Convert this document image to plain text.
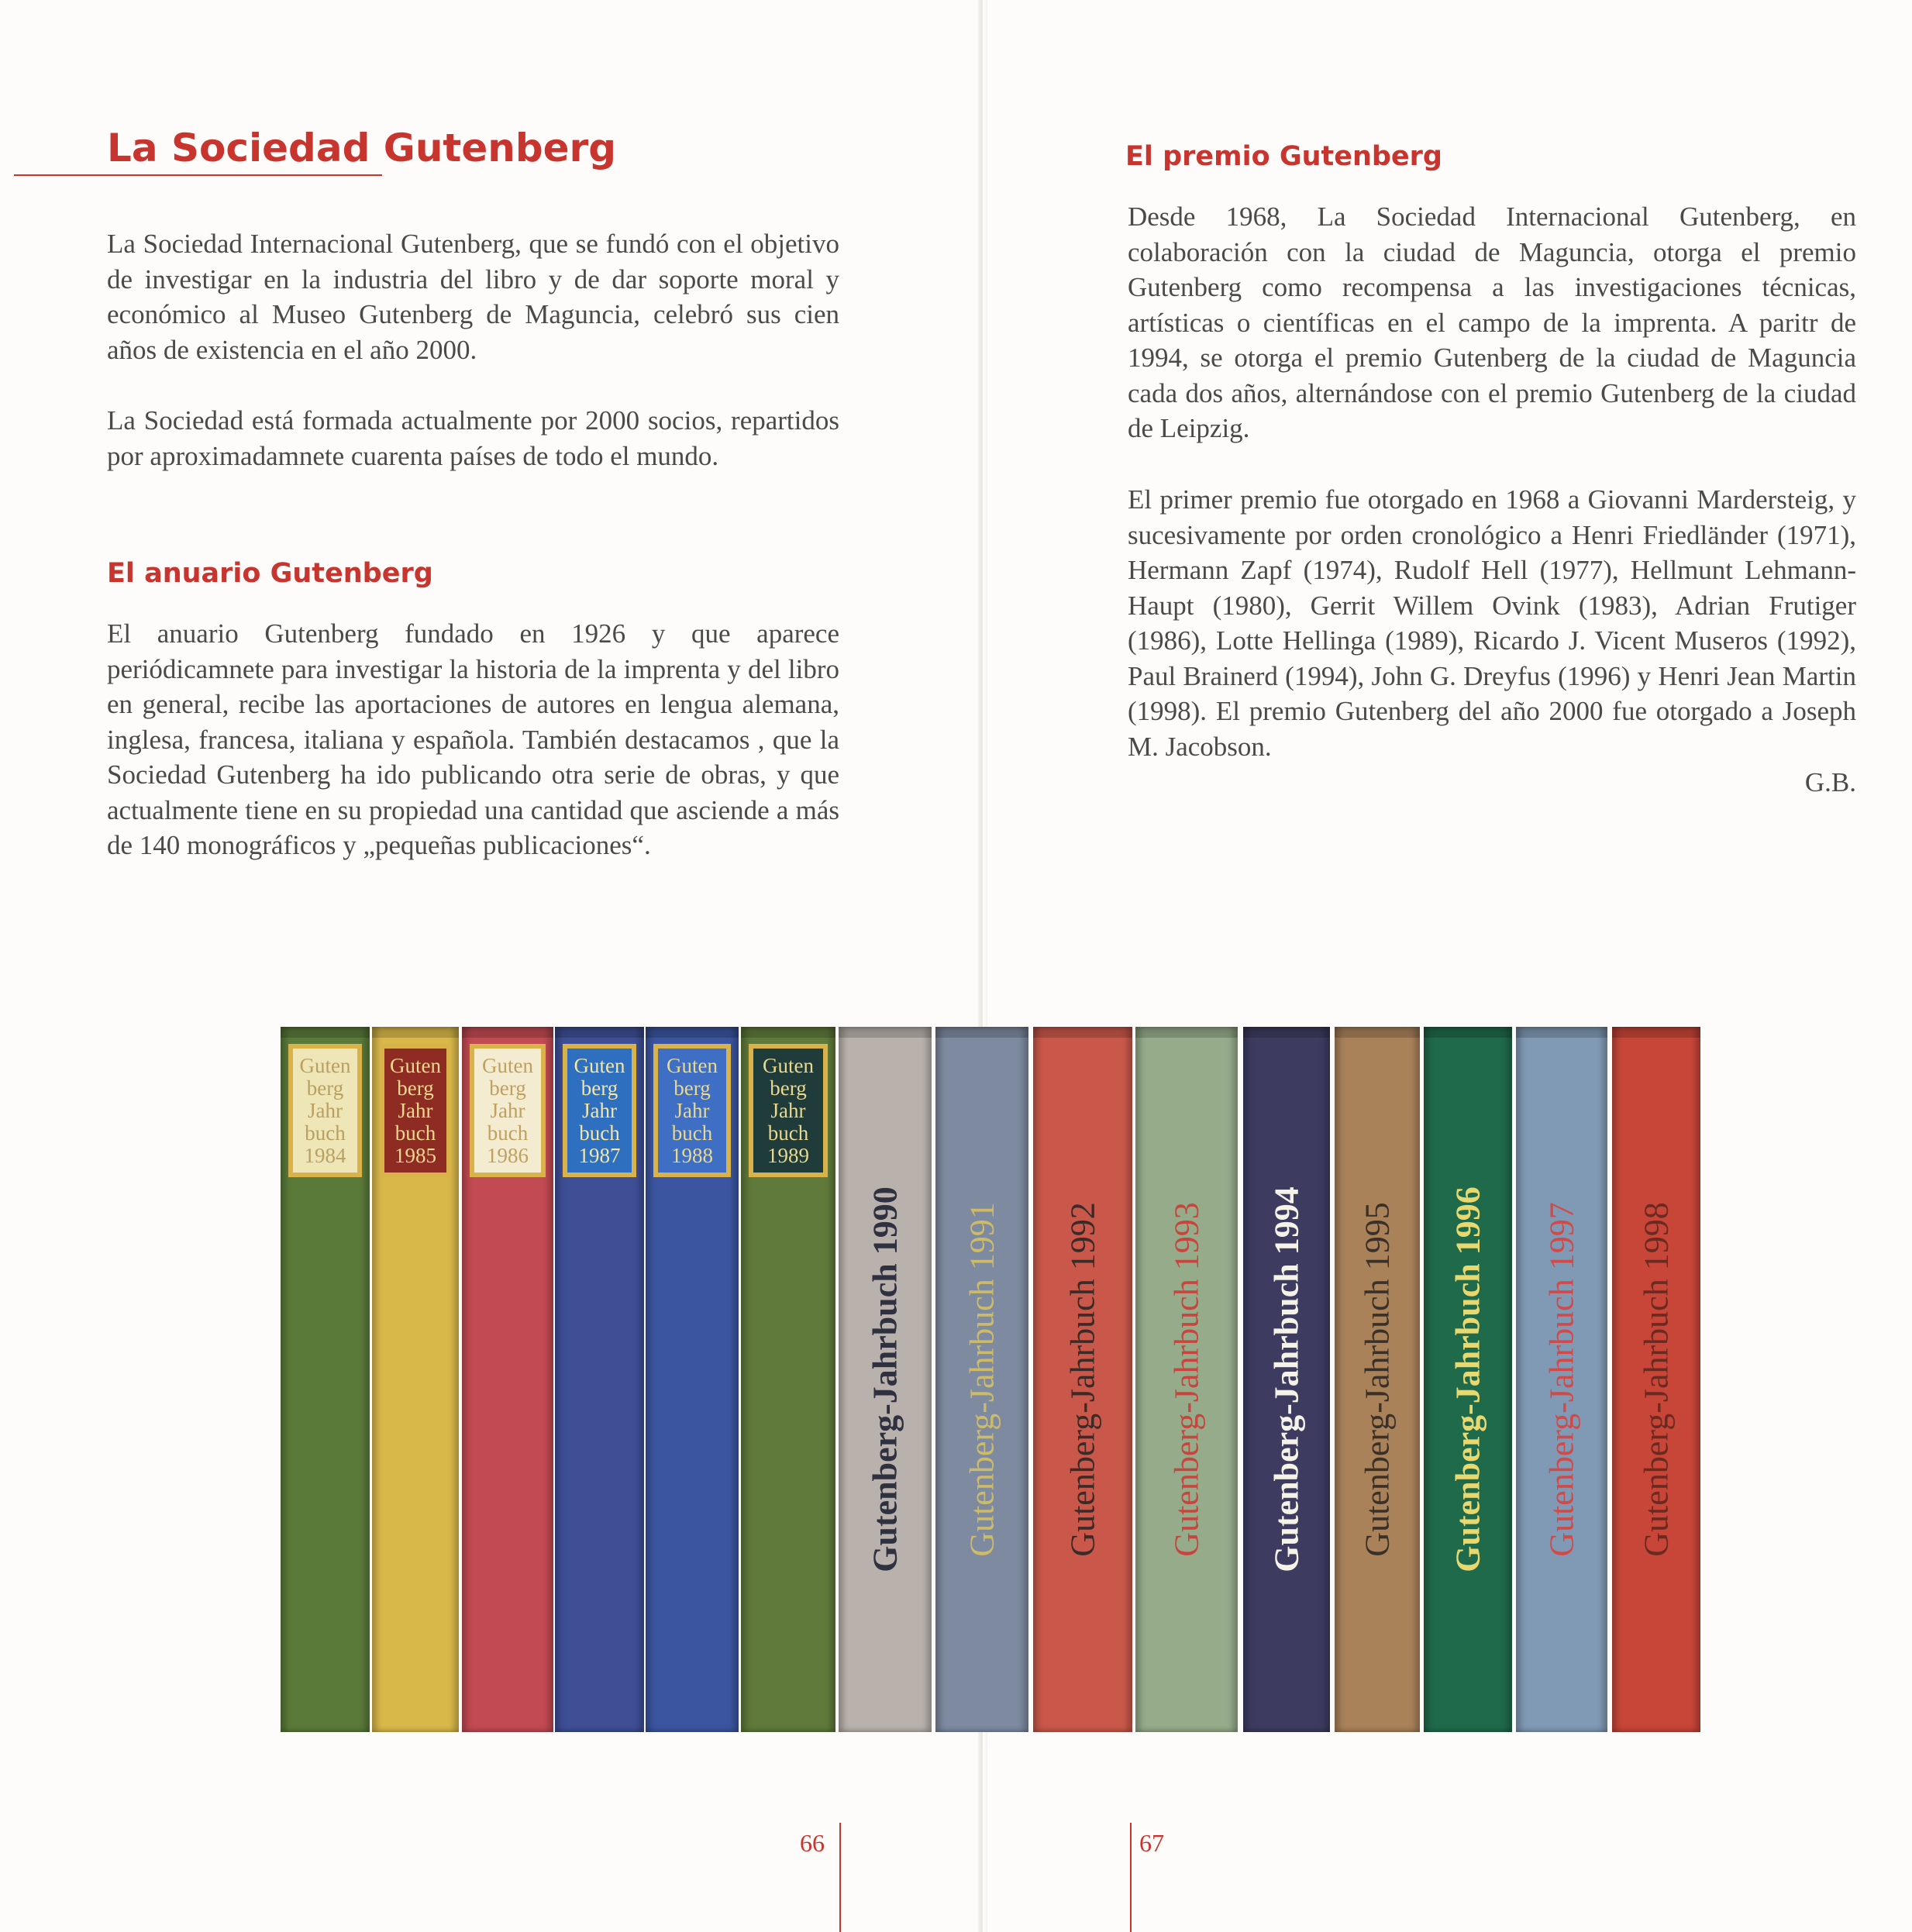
La Sociedad Gutenberg
La Sociedad Internacional Gutenberg, que se fundó con el objetivo de investigar en la industria del libro y de dar soporte moral y económico al Museo Gutenberg de Maguncia, celebró sus cien años de existencia en el año 2000.
La Sociedad está formada actualmente por 2000 socios, repartidos por aproximadamnete cuarenta países de todo el mundo.
El anuario Gutenberg
El anuario Gutenberg fundado en 1926 y que aparece periódicamnete para investigar la historia de la imprenta y del libro en general, recibe las aportaciones de autores en lengua alemana, inglesa, francesa, italiana y española. También destacamos , que la Sociedad Gutenberg ha ido publicando otra serie de obras, y que actualmente tiene en su propiedad una cantidad que asciende a más de 140 monográficos y „pequeñas publicaciones“.
El premio Gutenberg
Desde 1968, La Sociedad Internacional Gutenberg, en colaboración con la ciudad de Maguncia, otorga el premio Gutenberg como recompensa a las investigaciones técnicas, artísticas o científicas en el campo de la imprenta. A paritr de 1994, se otorga el premio Gutenberg de la ciudad de Maguncia cada dos años, alternándose con el premio Gutenberg de la ciudad de Leipzig.
El primer premio fue otorgado en 1968 a Giovanni Mardersteig, y sucesivamente por orden cronológico a Henri Friedländer (1971), Hermann Zapf (1974), Rudolf Hell (1977), Hellmunt Lehmann-Haupt (1980), Gerrit Willem Ovink (1983), Adrian Frutiger (1986), Lotte Hellinga (1989), Ricardo J. Vicent Museros (1992), Paul Brainerd (1994), John G. Dreyfus (1996) y Henri Jean Martin (1998). El premio Gutenberg del año 2000 fue otorgado a Joseph M. Jacobson.
G.B.
Guten
berg
Jahr
buch
1984
Guten
berg
Jahr
buch
1985
Guten
berg
Jahr
buch
1986
Guten
berg
Jahr
buch
1987
Guten
berg
Jahr
buch
1988
Guten
berg
Jahr
buch
1989
Gutenberg-Jahrbuch 1990 Gutenberg-Jahrbuch 1991 Gutenberg-Jahrbuch 1992 Gutenberg-Jahrbuch 1993 Gutenberg-Jahrbuch 1994 Gutenberg-Jahrbuch 1995 Gutenberg-Jahrbuch 1996 Gutenberg-Jahrbuch 1997 Gutenberg-Jahrbuch 1998
66	67
